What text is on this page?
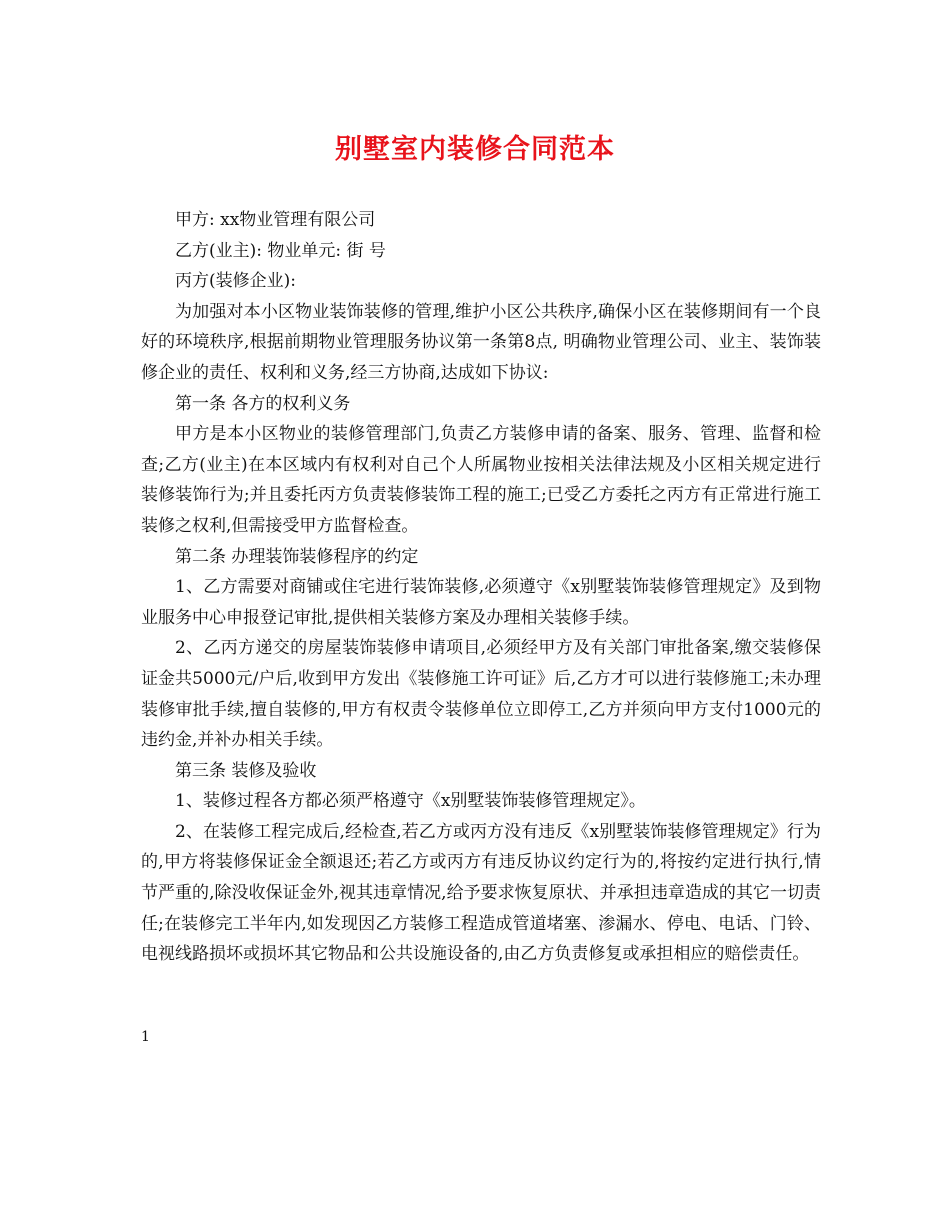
别墅室内装修合同范本

甲方: xx物业管理有限公司

乙方(业主): 物业单元: 街 号

丙方(装修企业):

为加强对本小区物业装饰装修的管理,维护小区公共秩序,确保小区在装修期间有一个良好的环境秩序,根据前期物业管理服务协议第一条第8点, 明确物业管理公司、业主、装饰装修企业的责任、权利和义务,经三方协商,达成如下协议:

第一条 各方的权利义务

甲方是本小区物业的装修管理部门,负责乙方装修申请的备案、服务、管理、监督和检查;乙方(业主)在本区域内有权利对自己个人所属物业按相关法律法规及小区相关规定进行装修装饰行为;并且委托丙方负责装修装饰工程的施工;已受乙方委托之丙方有正常进行施工装修之权利,但需接受甲方监督检查。

第二条 办理装饰装修程序的约定

1、乙方需要对商铺或住宅进行装饰装修,必须遵守《x别墅装饰装修管理规定》及到物业服务中心申报登记审批,提供相关装修方案及办理相关装修手续。

2、乙丙方递交的房屋装饰装修申请项目,必须经甲方及有关部门审批备案,缴交装修保证金共5000元/户后,收到甲方发出《装修施工许可证》后,乙方才可以进行装修施工;未办理装修审批手续,擅自装修的,甲方有权责令装修单位立即停工,乙方并须向甲方支付1000元的违约金,并补办相关手续。

第三条 装修及验收

1、装修过程各方都必须严格遵守《x别墅装饰装修管理规定》。

2、在装修工程完成后,经检查,若乙方或丙方没有违反《x别墅装饰装修管理规定》行为的,甲方将装修保证金全额退还;若乙方或丙方有违反协议约定行为的,将按约定进行执行,情节严重的,除没收保证金外,视其违章情况,给予要求恢复原状、并承担违章造成的其它一切责任;在装修完工半年内,如发现因乙方装修工程造成管道堵塞、渗漏水、停电、电话、门铃、电视线路损坏或损坏其它物品和公共设施设备的,由乙方负责修复或承担相应的赔偿责任。

1
